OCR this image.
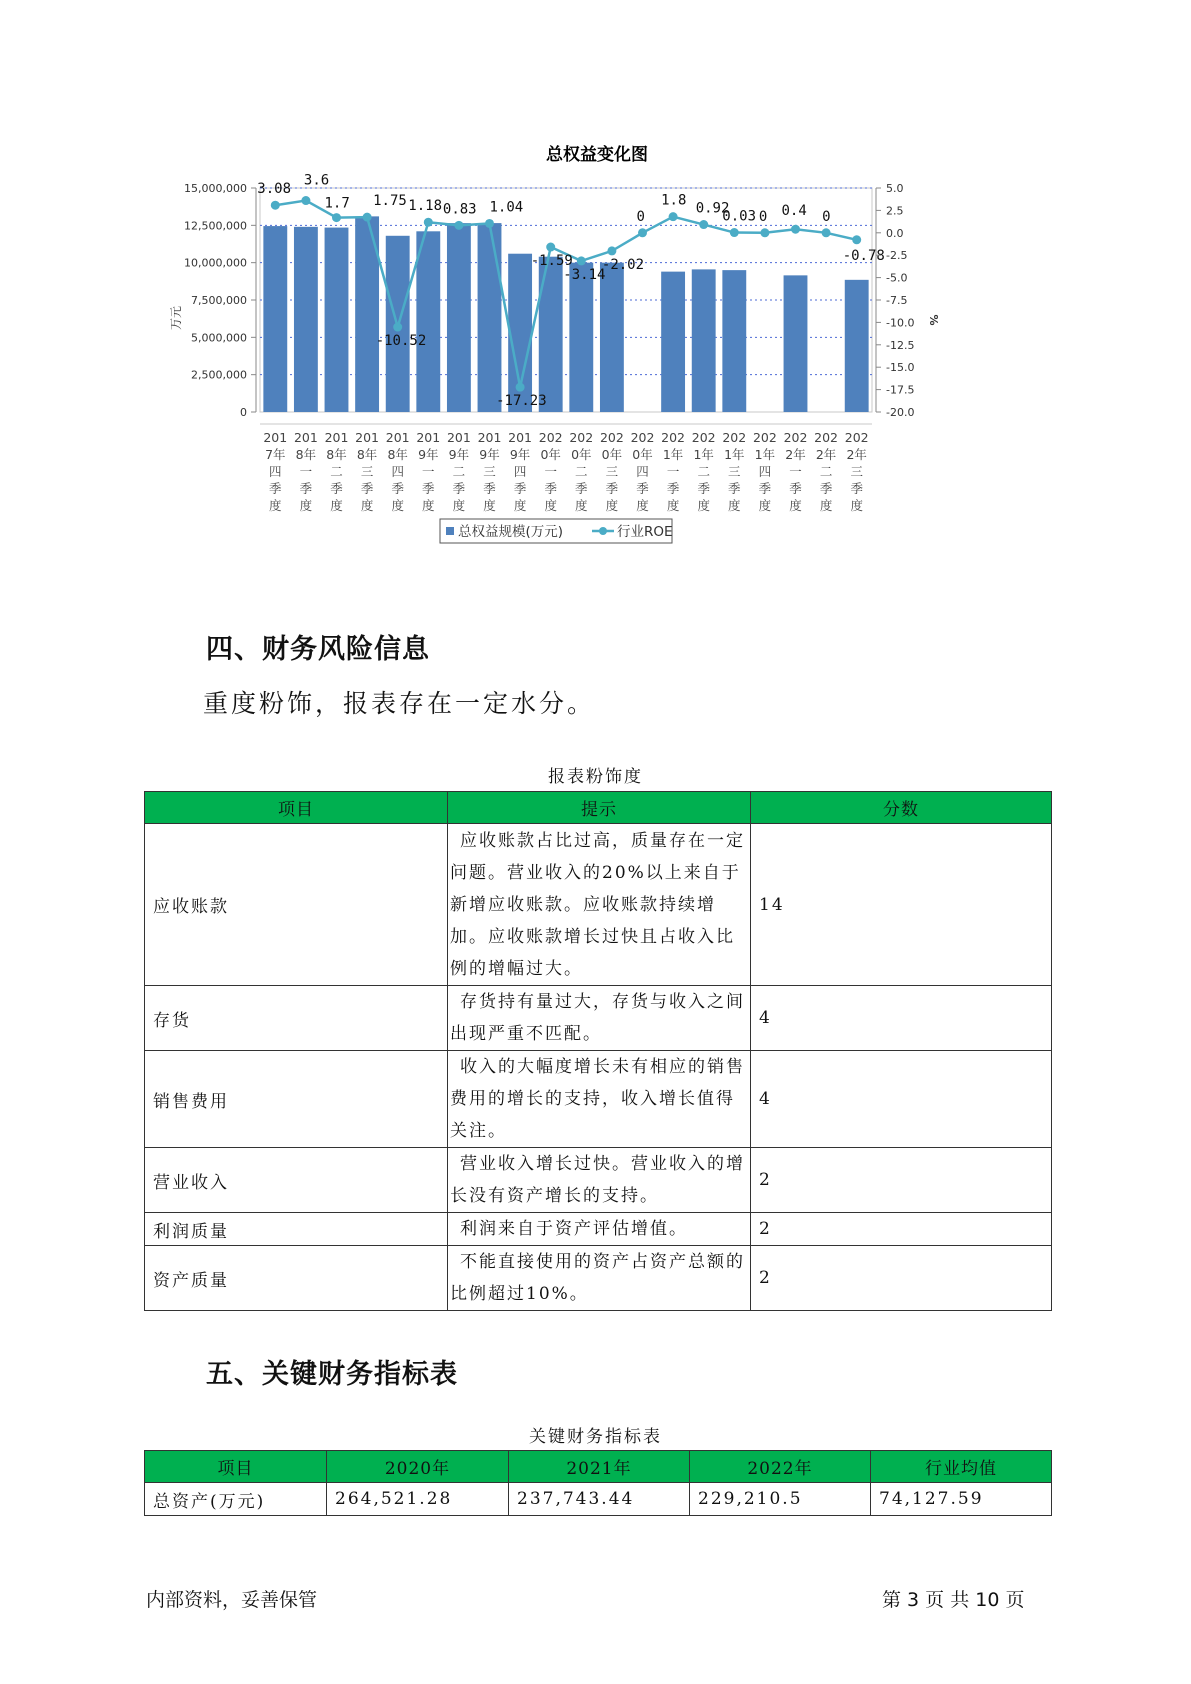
总权益变化图
3.08
3.6
1.7 1.75
-10.52
1.18 0.83 1.04
-17.23
-1.59
-3.14
-2.02
0
1.8 0.92
0.03 0 0.4 0
-0.78
15,000,000
12,500,000
10,000,000
7,500,000
5,000,000
2,500,000
0
万元
5.0
2.5
0.0
-2.5
-5.0
-7.5
-10.0
-12.5
-15.0
-17.5
-20.0
%
201
7年
四
季
度
201
8年
一
季
度
201
8年
二
季
度
201
8年
三
季
度
201
8年
四
季
度
201
9年
一
季
度
201
9年
二
季
度
201
9年
三
季
度
201
9年
四
季
度
202
0年
一
季
度
202
0年
二
季
度
202
0年
三
季
度
202
0年
四
季
度
202
1年
一
季
度
202
1年
二
季
度
202
1年
三
季
度
202
1年
四
季
度
202
2年
一
季
度
202
2年
二
季
度
202
2年
三
季
度
总权益规模(万元)	行业ROE
四、财务风险信息

重度粉饰，报表存在一定水分。

报表粉饰度
项目	提示	分数
应收账款	应收账款占比过高，质量存在一定问题。营业收入的20%以上来自于新增应收账款。应收账款持续增加。应收账款增长过快且占收入比例的增幅过大。	14
存货	存货持有量过大，存货与收入之间出现严重不匹配。	4
销售费用	收入的大幅度增长未有相应的销售费用的增长的支持，收入增长值得关注。	4
营业收入	营业收入增长过快。营业收入的增长没有资产增长的支持。	2
利润质量	利润来自于资产评估增值。	2
资产质量	不能直接使用的资产占资产总额的比例超过10%。	2
五、关键财务指标表
关键财务指标表
项目	2020年	2021年	2022年	行业均值
总资产(万元)	264,521.28	237,743.44	229,210.5	74,127.59
内部资料，妥善保管	第 3 页 共 10 页
